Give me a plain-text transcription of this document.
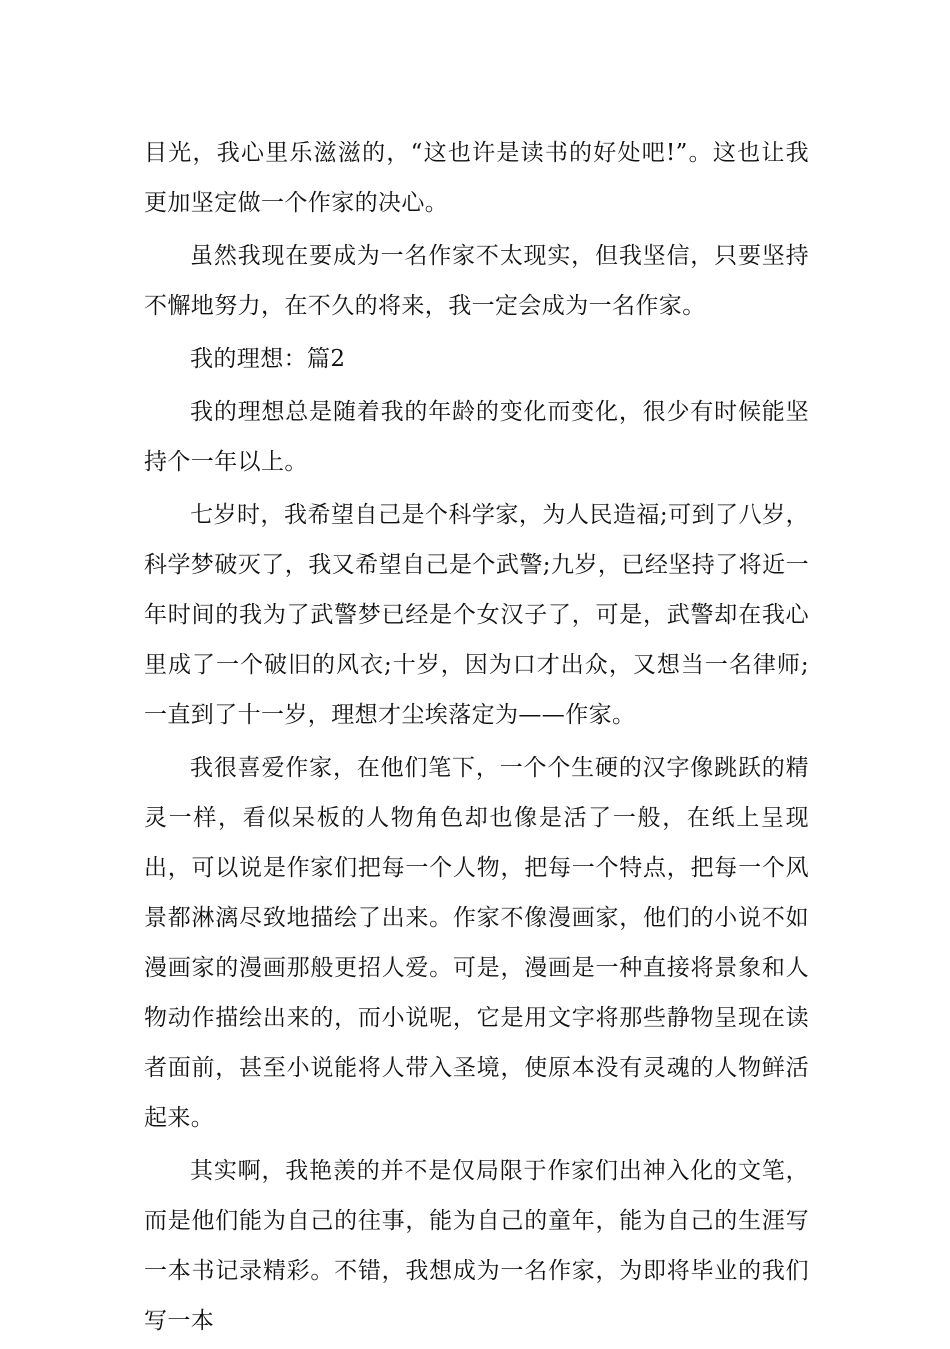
目光，我心里乐滋滋的，“这也许是读书的好处吧!”。这也让我更加坚定做一个作家的决心。

虽然我现在要成为一名作家不太现实，但我坚信，只要坚持不懈地努力，在不久的将来，我一定会成为一名作家。

我的理想：篇2

我的理想总是随着我的年龄的变化而变化，很少有时候能坚持个一年以上。

七岁时，我希望自己是个科学家，为人民造福;可到了八岁，科学梦破灭了，我又希望自己是个武警;九岁，已经坚持了将近一年时间的我为了武警梦已经是个女汉子了，可是，武警却在我心里成了一个破旧的风衣;十岁，因为口才出众，又想当一名律师;一直到了十一岁，理想才尘埃落定为——作家。

我很喜爱作家，在他们笔下，一个个生硬的汉字像跳跃的精灵一样，看似呆板的人物角色却也像是活了一般，在纸上呈现出，可以说是作家们把每一个人物，把每一个特点，把每一个风景都淋漓尽致地描绘了出来。作家不像漫画家，他们的小说不如漫画家的漫画那般更招人爱。可是，漫画是一种直接将景象和人物动作描绘出来的，而小说呢，它是用文字将那些静物呈现在读者面前，甚至小说能将人带入圣境，使原本没有灵魂的人物鲜活起来。

其实啊，我艳羡的并不是仅局限于作家们出神入化的文笔，而是他们能为自己的往事，能为自己的童年，能为自己的生涯写一本书记录精彩。不错，我想成为一名作家，为即将毕业的我们写一本
